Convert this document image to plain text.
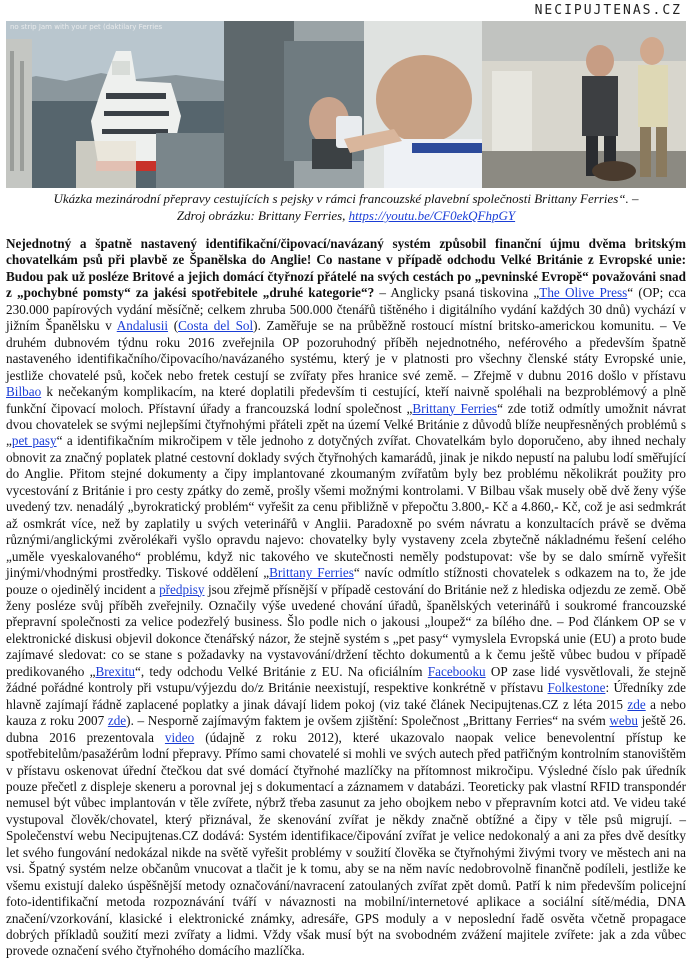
NECIPUJTENAS.CZ
no strip Jam with your pet (daktilary Ferries
Ukázka mezinárodní přepravy cestujících s pejsky v rámci francouzské plavební společnosti Brittany Ferries“. –
Zdroj obrázku: Brittany Ferries, https://youtu.be/CF0ekQFhpGY
Nejednotný a špatně nastavený identifikační/čipovací/navázaný systém způsobil finanční újmu dvěma britským chovatelkám psů při plavbě ze Španělska do Anglie! Co nastane v případě odchodu Velké Británie z Evropské unie: Budou pak už posléze Britové a jejich domácí čtyřnozí přátelé na svých cestách po „pevninské Evropě“ považováni snad z „pochybné pomsty“ za jakési spotřebitele „druhé kategorie“? – Anglicky psaná tiskovina „The Olive Press“ (OP; cca 230.000 papírových vydání měsíčně; celkem zhruba 500.000 čtenářů tištěného i digitálního vydání každých 30 dnů) vychází v jižním Španělsku v Andalusii (Costa del Sol). Zaměřuje se na průběžně rostoucí místní britsko-americkou komunitu. – Ve druhém dubnovém týdnu roku 2016 zveřejnila OP pozoruhodný příběh nejednotného, neférového a především špatně nastaveného identifikačního/čipovacího/navázaného systému, který je v platnosti pro všechny členské státy Evropské unie, jestliže chovatelé psů, koček nebo fretek cestují se zvířaty přes hranice své země. – Zřejmě v dubnu 2016 došlo v přístavu Bilbao k nečekaným komplikacím, na které doplatili především ti cestující, kteří naivně spoléhali na bezproblémový a plně funkční čipovací moloch. Přístavní úřady a francouzská lodní společnost „Brittany Ferries“ zde totiž odmítly umožnit návrat dvou chovatelek se svými nejlepšími čtyřnohými přáteli zpět na území Velké Británie z důvodů blíže neupřesněných problémů s „pet pasy“ a identifikačním mikročipem v těle jednoho z dotyčných zvířat. Chovatelkám bylo doporučeno, aby ihned nechaly obnovit za značný poplatek platné cestovní doklady svých čtyřnohých kamarádů, jinak je nikdo nepustí na palubu lodí směřující do Anglie. Přitom stejné dokumenty a čipy implantované zkoumaným zvířatům byly bez problému několikrát použity pro vycestování z Británie i pro cesty zpátky do země, prošly všemi možnými kontrolami. V Bilbau však musely obě dvě ženy výše uvedený tzv. nenadálý „byrokratický problém“ vyřešit za cenu přibližně v přepočtu 3.800,- Kč a 4.860,- Kč, což je asi sedmkrát až osmkrát více, než by zaplatily u svých veterinářů v Anglii. Paradoxně po svém návratu a konzultacích právě se dvěma různými/anglickými zvěrolékaři vyšlo opravdu najevo: chovatelky byly vystaveny zcela zbytečně nákladnému řešení celého „uměle vyeskalovaného“ problému, když nic takového ve skutečnosti neměly podstupovat: vše by se dalo smírně vyřešit jinými/vhodnými prostředky. Tiskové oddělení „Brittany Ferries“ navíc odmítlo stížnosti chovatelek s odkazem na to, že jde pouze o ojedinělý incident a předpisy jsou zřejmě přísnější v případě cestování do Británie než z hlediska odjezdu ze země. Obě ženy posléze svůj příběh zveřejnily. Označily výše uvedené chování úřadů, španělských veterinářů i soukromé francouzské přepravní společnosti za velice podezřelý business. Šlo podle nich o jakousi „loupež“ za bílého dne. – Pod článkem OP se v elektronické diskusi objevil dokonce čtenářský názor, že stejně systém s „pet pasy“ vymyslela Evropská unie (EU) a proto bude zajímavé sledovat: co se stane s požadavky na vystavování/držení těchto dokumentů a k čemu ještě vůbec budou v případě predikovaného „Brexitu“, tedy odchodu Velké Británie z EU. Na oficiálním Facebooku OP zase lidé vysvětlovali, že stejně žádné pořádné kontroly při vstupu/výjezdu do/z Británie neexistují, respektive konkrétně v přístavu Folkestone: Úředníky zde hlavně zajímají řádně zaplacené poplatky a jinak dávají lidem pokoj (viz také článek Necipujtenas.CZ z léta 2015 zde a nebo kauza z roku 2007 zde). – Nesporně zajímavým faktem je ovšem zjištění: Společnost „Brittany Ferries“ na svém webu ještě 26. dubna 2016 prezentovala video (údajně z roku 2012), které ukazovalo naopak velice benevolentní přístup ke spotřebitelům/pasažérům lodní přepravy. Přímo sami chovatelé si mohli ve svých autech před patřičným kontrolním stanovištěm v přístavu oskenovat úřední čtečkou dat své domácí čtyřnohé mazlíčky na přítomnost mikročipu. Výsledné číslo pak úředník pouze přečetl z displeje skeneru a porovnal jej s dokumentací a záznamem v databázi. Teoreticky pak vlastní RFID transpondér nemusel být vůbec implantován v těle zvířete, nýbrž třeba zasunut za jeho obojkem nebo v přepravním kotci atd. Ve videu také vystupoval člověk/chovatel, který přiznával, že skenování zvířat je někdy značně obtížné a čipy v těle psů migrují. – Společenství webu Necipujtenas.CZ dodává: Systém identifikace/čipování zvířat je velice nedokonalý a ani za přes dvě desítky let svého fungování nedokázal nikde na světě vyřešit problémy v soužití člověka se čtyřnohými živými tvory ve městech ani na vsi. Špatný systém nelze občanům vnucovat a tlačit je k tomu, aby se na něm navíc nedobrovolně finančně podíleli, jestliže ke všemu existují daleko úspěšnější metody označování/navracení zatoulaných zvířat zpět domů. Patří k nim především policejní foto-identifikační metoda rozpoznávání tváří v návaznosti na mobilní/internetové aplikace a sociální sítě/média, DNA značení/vzorkování, klasické i elektronické známky, adresáře, GPS moduly a v neposlední řadě osvěta včetně propagace dobrých příkladů soužití mezi zvířaty a lidmi. Vždy však musí být na svobodném zvážení majitele zvířete: jak a zda vůbec provede označení svého čtyřnohého domácího mazlíčka.
